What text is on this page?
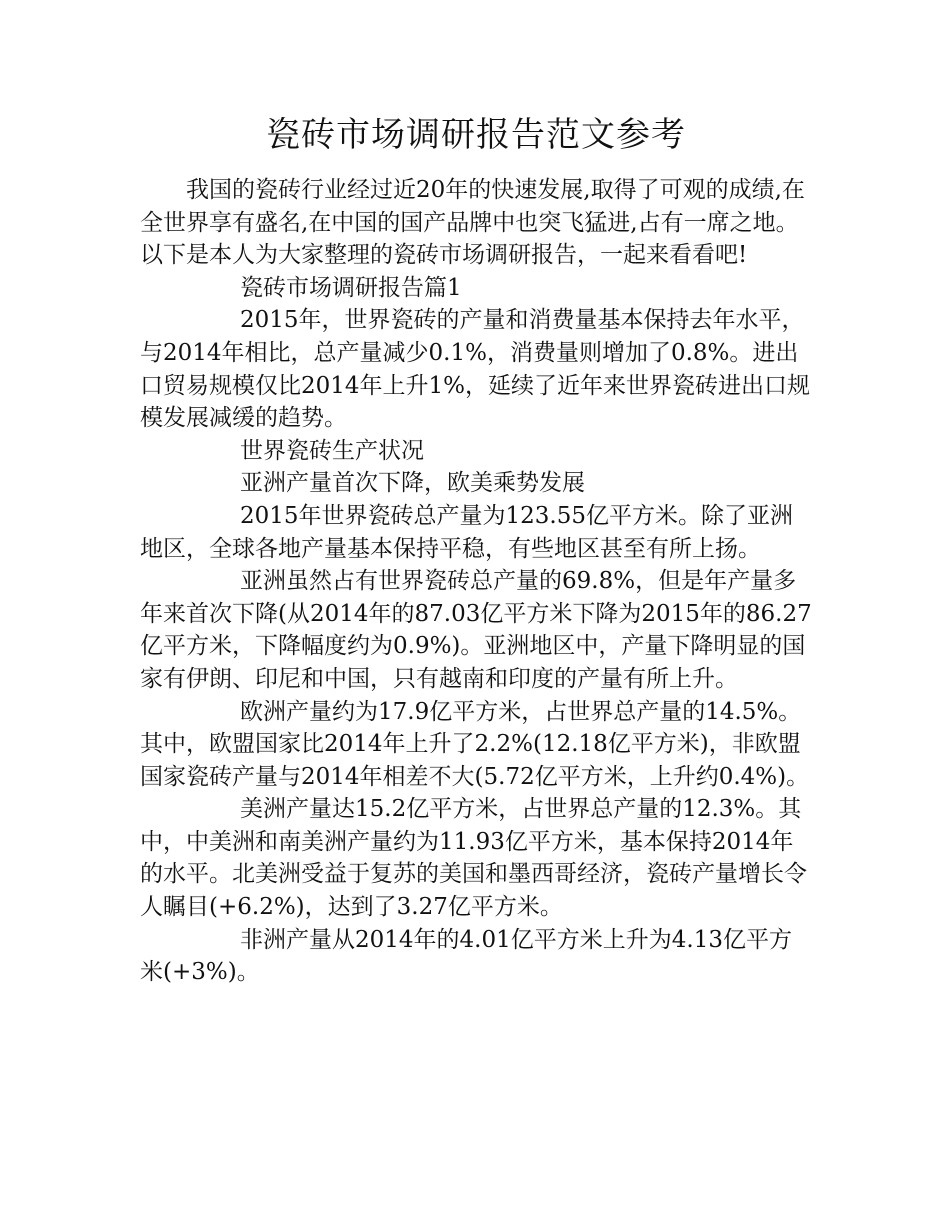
瓷砖市场调研报告范文参考

我国的瓷砖行业经过近20年的快速发展,取得了可观的成绩,在全世界享有盛名,在中国的国产品牌中也突飞猛进,占有一席之地。以下是本人为大家整理的瓷砖市场调研报告，一起来看看吧!

瓷砖市场调研报告篇1

2015年，世界瓷砖的产量和消费量基本保持去年水平，与2014年相比，总产量减少0.1%，消费量则增加了0.8%。进出口贸易规模仅比2014年上升1%，延续了近年来世界瓷砖进出口规模发展减缓的趋势。

世界瓷砖生产状况

亚洲产量首次下降，欧美乘势发展

2015年世界瓷砖总产量为123.55亿平方米。除了亚洲地区，全球各地产量基本保持平稳，有些地区甚至有所上扬。

亚洲虽然占有世界瓷砖总产量的69.8%，但是年产量多年来首次下降(从2014年的87.03亿平方米下降为2015年的86.27亿平方米，下降幅度约为0.9%)。亚洲地区中，产量下降明显的国家有伊朗、印尼和中国，只有越南和印度的产量有所上升。

欧洲产量约为17.9亿平方米，占世界总产量的14.5%。其中，欧盟国家比2014年上升了2.2%(12.18亿平方米)，非欧盟国家瓷砖产量与2014年相差不大(5.72亿平方米，上升约0.4%)。

美洲产量达15.2亿平方米，占世界总产量的12.3%。其中，中美洲和南美洲产量约为11.93亿平方米，基本保持2014年的水平。北美洲受益于复苏的美国和墨西哥经济，瓷砖产量增长令人瞩目(+6.2%)，达到了3.27亿平方米。

非洲产量从2014年的4.01亿平方米上升为4.13亿平方米(+3%)。
